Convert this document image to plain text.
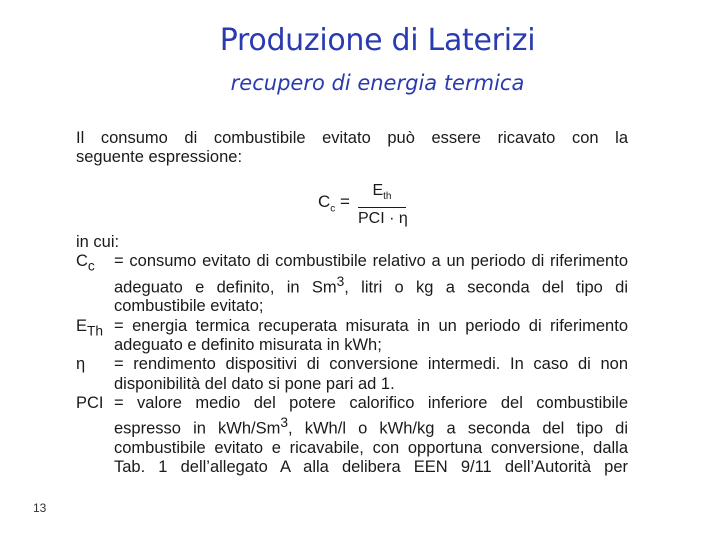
Produzione di Laterizi
recupero di energia termica
Il consumo di combustibile evitato può essere ricavato con la
seguente espressione:
$C_c$ =
$E_{th}$
PCI · η
in cui:
$C_c$ = consumo evitato di combustibile relativo a un periodo di riferimento
adeguato e definito, in Sm$^3$, litri o kg a seconda del tipo di
combustibile evitato;
$E_{Th}$ = energia termica recuperata misurata in un periodo di riferimento
adeguato e definito misurata in kWh;
η = rendimento dispositivi di conversione intermedi. In caso di non
disponibilità del dato si pone pari ad 1.
PCI = valore medio del potere calorifico inferiore del combustibile
espresso in kWh/Sm$^3$, kWh/l o kWh/kg a seconda del tipo di
combustibile evitato e ricavabile, con opportuna conversione, dalla
Tab. 1 dell’allegato A alla delibera EEN 9/11 dell’Autorità per
13
